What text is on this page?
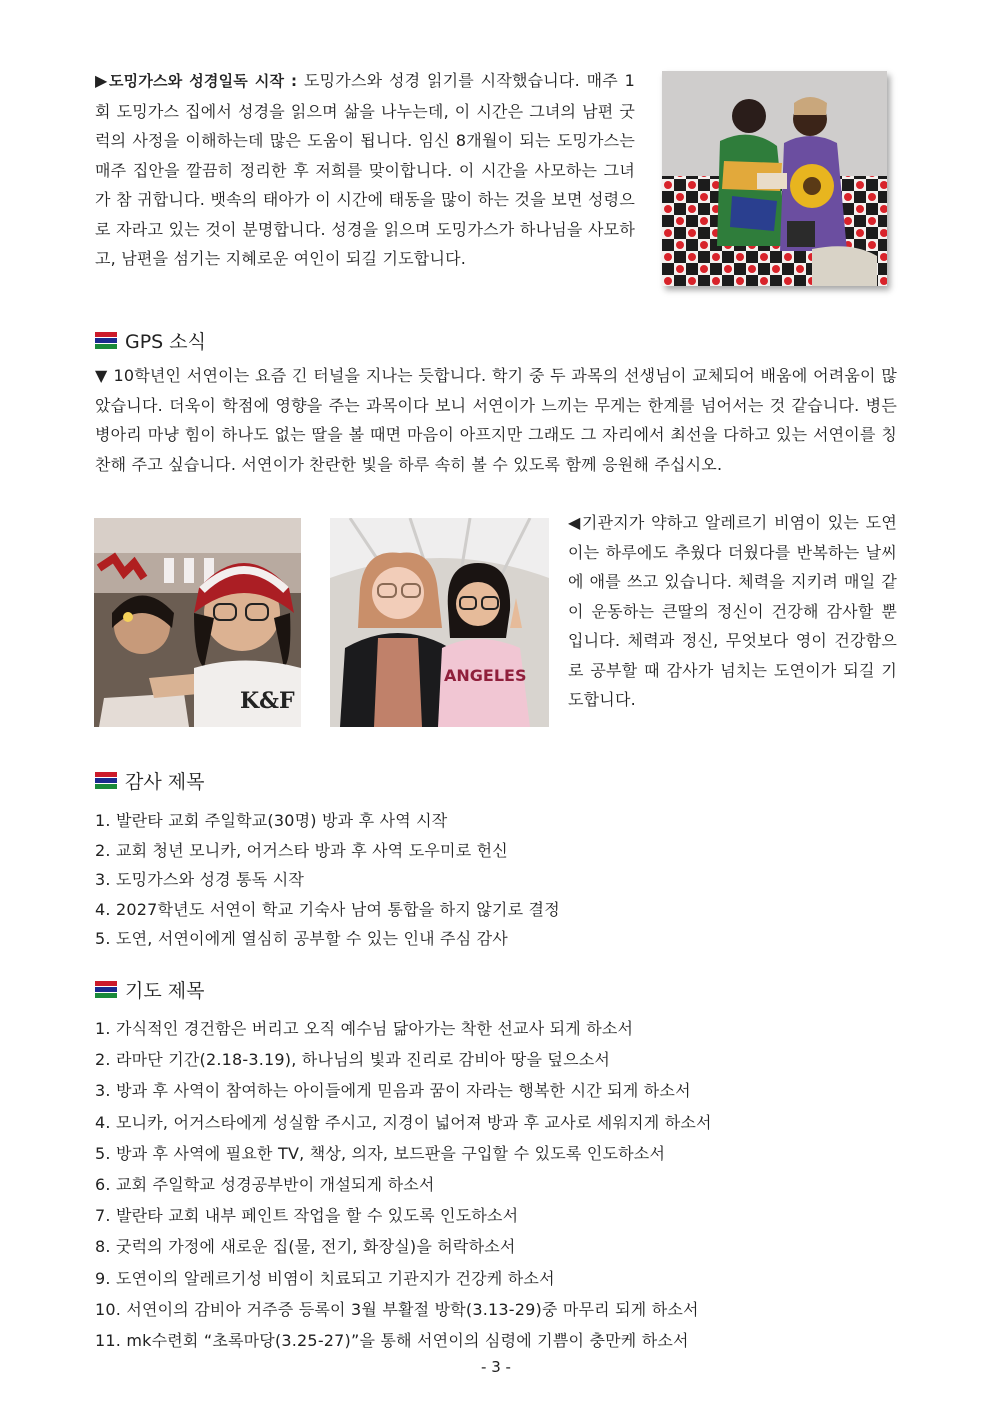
▶도밍가스와 성경일독 시작 : 도밍가스와 성경 읽기를 시작했습니다. 매주 1회 도밍가스 집에서 성경을 읽으며 삶을 나누는데, 이 시간은 그녀의 남편 굿럭의 사정을 이해하는데 많은 도움이 됩니다. 임신 8개월이 되는 도밍가스는 매주 집안을 깔끔히 정리한 후 저희를 맞이합니다. 이 시간을 사모하는 그녀가 참 귀합니다. 뱃속의 태아가 이 시간에 태동을 많이 하는 것을 보면 성령으로 자라고 있는 것이 분명합니다. 성경을 읽으며 도밍가스가 하나님을 사모하고, 남편을 섬기는 지혜로운 여인이 되길 기도합니다.

GPS 소식

▼ 10학년인 서연이는 요즘 긴 터널을 지나는 듯합니다. 학기 중 두 과목의 선생님이 교체되어 배움에 어려움이 많았습니다. 더욱이 학점에 영향을 주는 과목이다 보니 서연이가 느끼는 무게는 한계를 넘어서는 것 같습니다. 병든 병아리 마냥 힘이 하나도 없는 딸을 볼 때면 마음이 아프지만 그래도 그 자리에서 최선을 다하고 있는 서연이를 칭찬해 주고 싶습니다. 서연이가 찬란한 빛을 하루 속히 볼 수 있도록 함께 응원해 주십시오.

K&F
ANGELES

◀기관지가 약하고 알레르기 비염이 있는 도연이는 하루에도 추웠다 더웠다를 반복하는 날씨에 애를 쓰고 있습니다. 체력을 지키려 매일 같이 운동하는 큰딸의 정신이 건강해 감사할 뿐입니다. 체력과 정신, 무엇보다 영이 건강함으로 공부할 때 감사가 넘치는 도연이가 되길 기도합니다.

감사 제목
1. 발란타 교회 주일학교(30명) 방과 후 사역 시작
2. 교회 청년 모니카, 어거스타 방과 후 사역 도우미로 헌신
3. 도밍가스와 성경 통독 시작
4. 2027학년도 서연이 학교 기숙사 남여 통합을 하지 않기로 결정
5. 도연, 서연이에게 열심히 공부할 수 있는 인내 주심 감사
기도 제목
1. 가식적인 경건함은 버리고 오직 예수님 닮아가는 착한 선교사 되게 하소서
2. 라마단 기간(2.18-3.19), 하나님의 빛과 진리로 감비아 땅을 덮으소서
3. 방과 후 사역이 참여하는 아이들에게 믿음과 꿈이 자라는 행복한 시간 되게 하소서
4. 모니카, 어거스타에게 성실함 주시고, 지경이 넓어져 방과 후 교사로 세워지게 하소서
5. 방과 후 사역에 필요한 TV, 책상, 의자, 보드판을 구입할 수 있도록 인도하소서
6. 교회 주일학교 성경공부반이 개설되게 하소서
7. 발란타 교회 내부 페인트 작업을 할 수 있도록 인도하소서
8. 굿럭의 가정에 새로운 집(물, 전기, 화장실)을 허락하소서
9. 도연이의 알레르기성 비염이 치료되고 기관지가 건강케 하소서
10. 서연이의 감비아 거주증 등록이 3월 부활절 방학(3.13-29)중 마무리 되게 하소서
11. mk수련회 “초록마당(3.25-27)”을 통해 서연이의 심령에 기쁨이 충만케 하소서
- 3 -
